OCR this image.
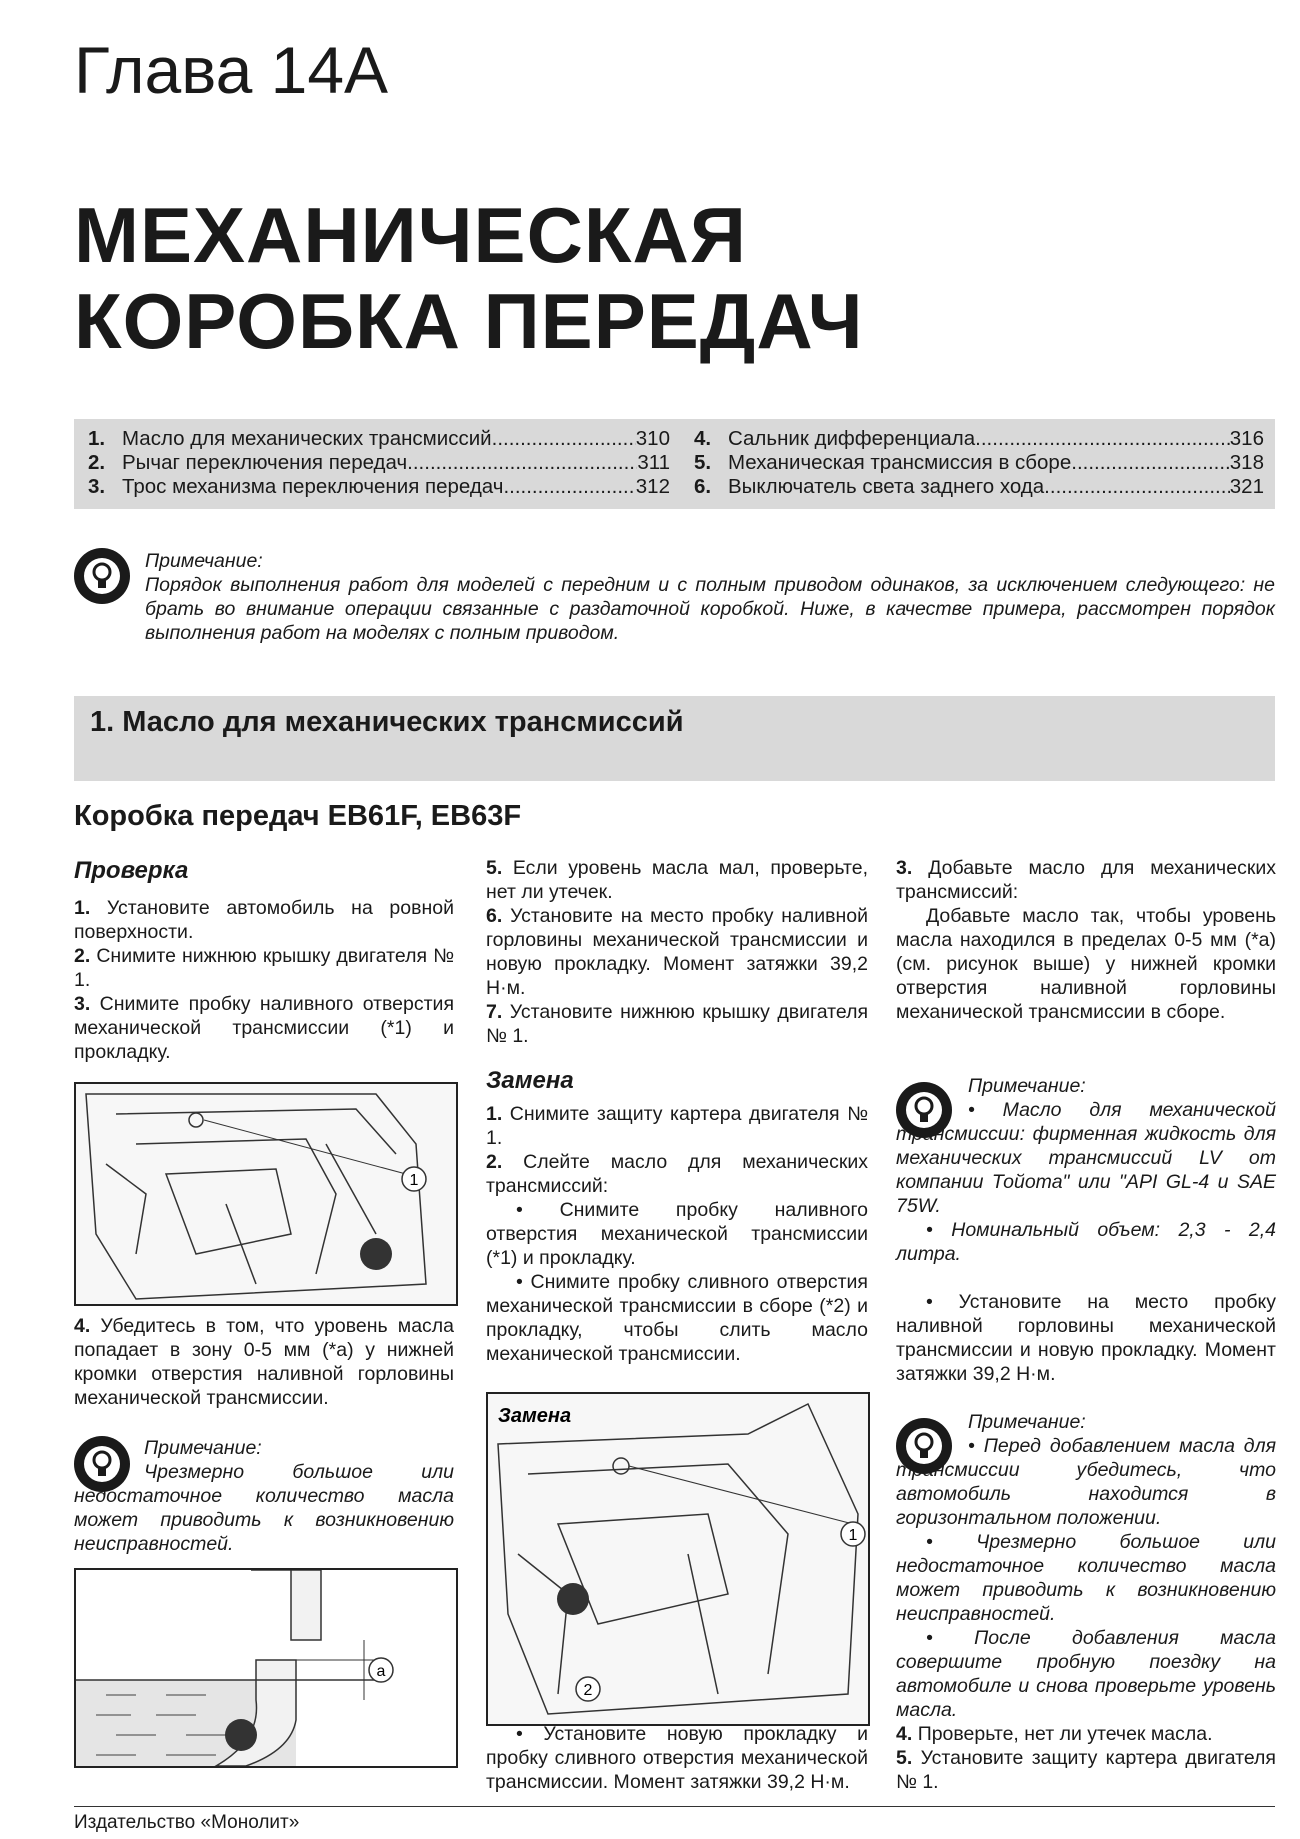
Глава 14А
МЕХАНИЧЕСКАЯ
КОРОБКА ПЕРЕДАЧ
1. Масло для механических трансмиссий .....	310
2. Рычаг переключения передач .....	311
3. Трос механизма переключения передач .....	312
4. Сальник дифференциала .....	316
5. Механическая трансмиссия в сборе .....	318
6. Выключатель света заднего хода .....	321
Примечание:
Порядок выполнения работ для моделей с передним и с полным приводом одинаков, за исключением следующего: не брать во внимание операции связанные с раздаточной коробкой. Ниже, в качестве примера, рассмотрен порядок выполнения работ на моделях с полным приводом.
1. Масло для механических трансмиссий
Коробка передач EB61F, EB63F
Проверка

1. Установите автомобиль на ровной поверхности.

2. Снимите нижнюю крышку двигателя № 1.

3. Снимите пробку наливного отверстия механической трансмиссии (*1) и прокладку.

1

4. Убедитесь в том, что уровень масла попадает в зону 0-5 мм (*а) у нижней кромки отверстия наливной горловины механической трансмиссии.

Примечание:
Чрезмерно большое или недостаточное количество масла может приводить к возникновению неисправностей.
a

5. Если уровень масла мал, проверьте, нет ли утечек.

6. Установите на место пробку наливной горловины механической трансмиссии и новую прокладку. Момент затяжки 39,2 Н·м.

7. Установите нижнюю крышку двигателя № 1.

Замена

1. Снимите защиту картера двигателя № 1.

2. Слейте масло для механических трансмиссий:

• Снимите пробку наливного отверстия механической трансмиссии (*1) и прокладку.

• Снимите пробку сливного отверстия механической трансмиссии в сборе (*2) и прокладку, чтобы слить масло механической трансмиссии.

Замена
1
2

• Установите новую прокладку и пробку сливного отверстия механической трансмиссии. Момент затяжки 39,2 Н·м.

3. Добавьте масло для механических трансмиссий:

Добавьте масло так, чтобы уровень масла находился в пределах 0-5 мм (*а) (см. рисунок выше) у нижней кромки отверстия наливной горловины механической трансмиссии в сборе.

Примечание:
• Масло для механической трансмиссии: фирменная жидкость для механических трансмиссий LV от компании Тойота" или "API GL-4 и SAE 75W.
• Номинальный объем: 2,3 - 2,4 литра.

• Установите на место пробку наливной горловины механической трансмиссии и новую прокладку. Момент затяжки 39,2 Н·м.

Примечание:
• Перед добавлением масла для трансмиссии убедитесь, что автомобиль находится в горизонтальном положении.
• Чрезмерно большое или недостаточное количество масла может приводить к возникновению неисправностей.
• После добавления масла совершите пробную поездку на автомобиле и снова проверьте уровень масла.

4. Проверьте, нет ли утечек масла.

5. Установите защиту картера двигателя № 1.

Издательство «Монолит»
